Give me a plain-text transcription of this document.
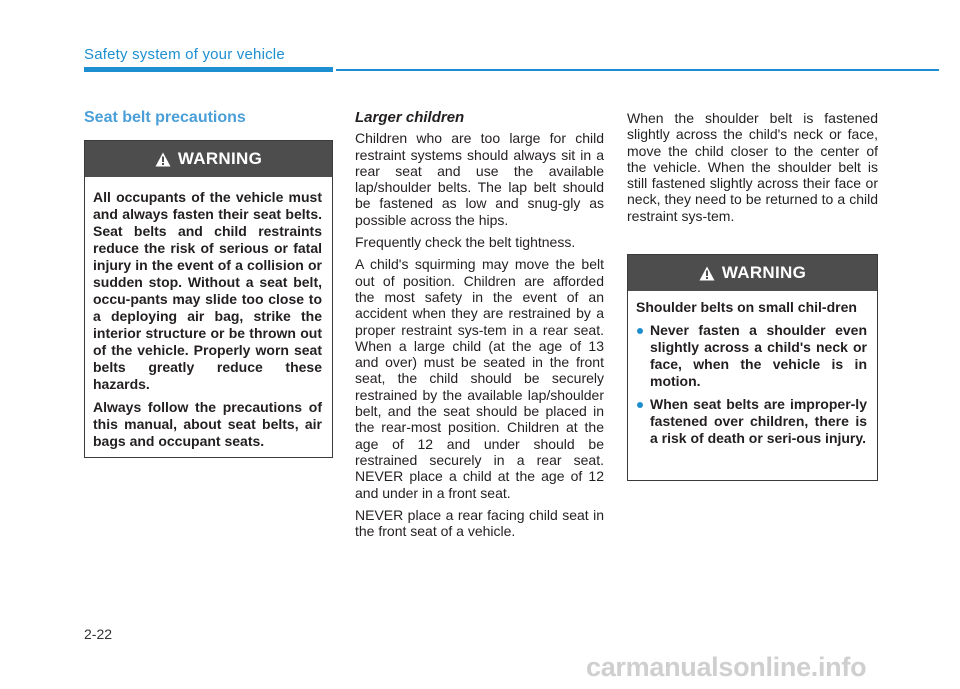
Safety system of your vehicle
Seat belt precautions
WARNING

All occupants of the vehicle must and always fasten their seat belts. Seat belts and child restraints reduce the risk of serious or fatal injury in the event of a collision or sudden stop. Without a seat belt, occu-pants may slide too close to a deploying air bag, strike the interior structure or be thrown out of the vehicle. Properly worn seat belts greatly reduce these hazards.

Always follow the precautions of this manual, about seat belts, air bags and occupant seats.

Larger children

Children who are too large for child restraint systems should always sit in a rear seat and use the available lap/shoulder belts. The lap belt should be fastened as low and snug-gly as possible across the hips.

Frequently check the belt tightness.

A child's squirming may move the belt out of position. Children are afforded the most safety in the event of an accident when they are restrained by a proper restraint sys-tem in a rear seat. When a large child (at the age of 13 and over) must be seated in the front seat, the child should be securely restrained by the available lap/shoulder belt, and the seat should be placed in the rear-most position. Children at the age of 12 and under should be restrained securely in a rear seat. NEVER place a child at the age of 12 and under in a front seat.

NEVER place a rear facing child seat in the front seat of a vehicle.

When the shoulder belt is fastened slightly across the child's neck or face, move the child closer to the center of the vehicle. When the shoulder belt is still fastened slightly across their face or neck, they need to be returned to a child restraint sys-tem.

WARNING

Shoulder belts on small chil-dren

Never fasten a shoulder even slightly across a child's neck or face, when the vehicle is in motion.

When seat belts are improper-ly fastened over children, there is a risk of death or seri-ous injury.

2-22
carmanualsonline.info
